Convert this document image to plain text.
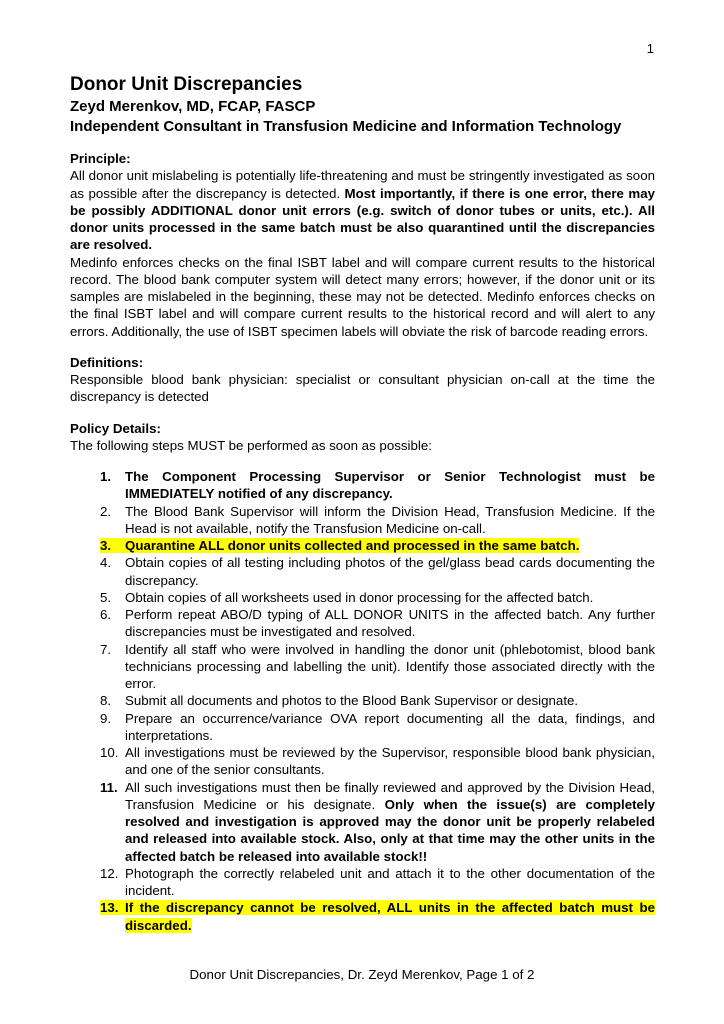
1
Donor Unit Discrepancies
Zeyd Merenkov, MD, FCAP, FASCP
Independent Consultant in Transfusion Medicine and Information Technology
Principle:

All donor unit mislabeling is potentially life-threatening and must be stringently investigated as soon as possible after the discrepancy is detected. Most importantly, if there is one error, there may be possibly ADDITIONAL donor unit errors (e.g. switch of donor tubes or units, etc.). All donor units processed in the same batch must be also quarantined until the discrepancies are resolved.

Medinfo enforces checks on the final ISBT label and will compare current results to the historical record. The blood bank computer system will detect many errors; however, if the donor unit or its samples are mislabeled in the beginning, these may not be detected. Medinfo enforces checks on the final ISBT label and will compare current results to the historical record and will alert to any errors. Additionally, the use of ISBT specimen labels will obviate the risk of barcode reading errors.

Definitions:

Responsible blood bank physician: specialist or consultant physician on-call at the time the discrepancy is detected

Policy Details:

The following steps MUST be performed as soon as possible:

1. The Component Processing Supervisor or Senior Technologist must be IMMEDIATELY notified of any discrepancy.
2. The Blood Bank Supervisor will inform the Division Head, Transfusion Medicine. If the Head is not available, notify the Transfusion Medicine on-call.
3. Quarantine ALL donor units collected and processed in the same batch.
4. Obtain copies of all testing including photos of the gel/glass bead cards documenting the discrepancy.
5. Obtain copies of all worksheets used in donor processing for the affected batch.
6. Perform repeat ABO/D typing of ALL DONOR UNITS in the affected batch. Any further discrepancies must be investigated and resolved.
7. Identify all staff who were involved in handling the donor unit (phlebotomist, blood bank technicians processing and labelling the unit). Identify those associated directly with the error.
8. Submit all documents and photos to the Blood Bank Supervisor or designate.
9. Prepare an occurrence/variance OVA report documenting all the data, findings, and interpretations.
10. All investigations must be reviewed by the Supervisor, responsible blood bank physician, and one of the senior consultants.
11. All such investigations must then be finally reviewed and approved by the Division Head, Transfusion Medicine or his designate. Only when the issue(s) are completely resolved and investigation is approved may the donor unit be properly relabeled and released into available stock. Also, only at that time may the other units in the affected batch be released into available stock!!
12. Photograph the correctly relabeled unit and attach it to the other documentation of the incident.
13. If the discrepancy cannot be resolved, ALL units in the affected batch must be discarded.
Donor Unit Discrepancies, Dr. Zeyd Merenkov, Page 1 of 2
